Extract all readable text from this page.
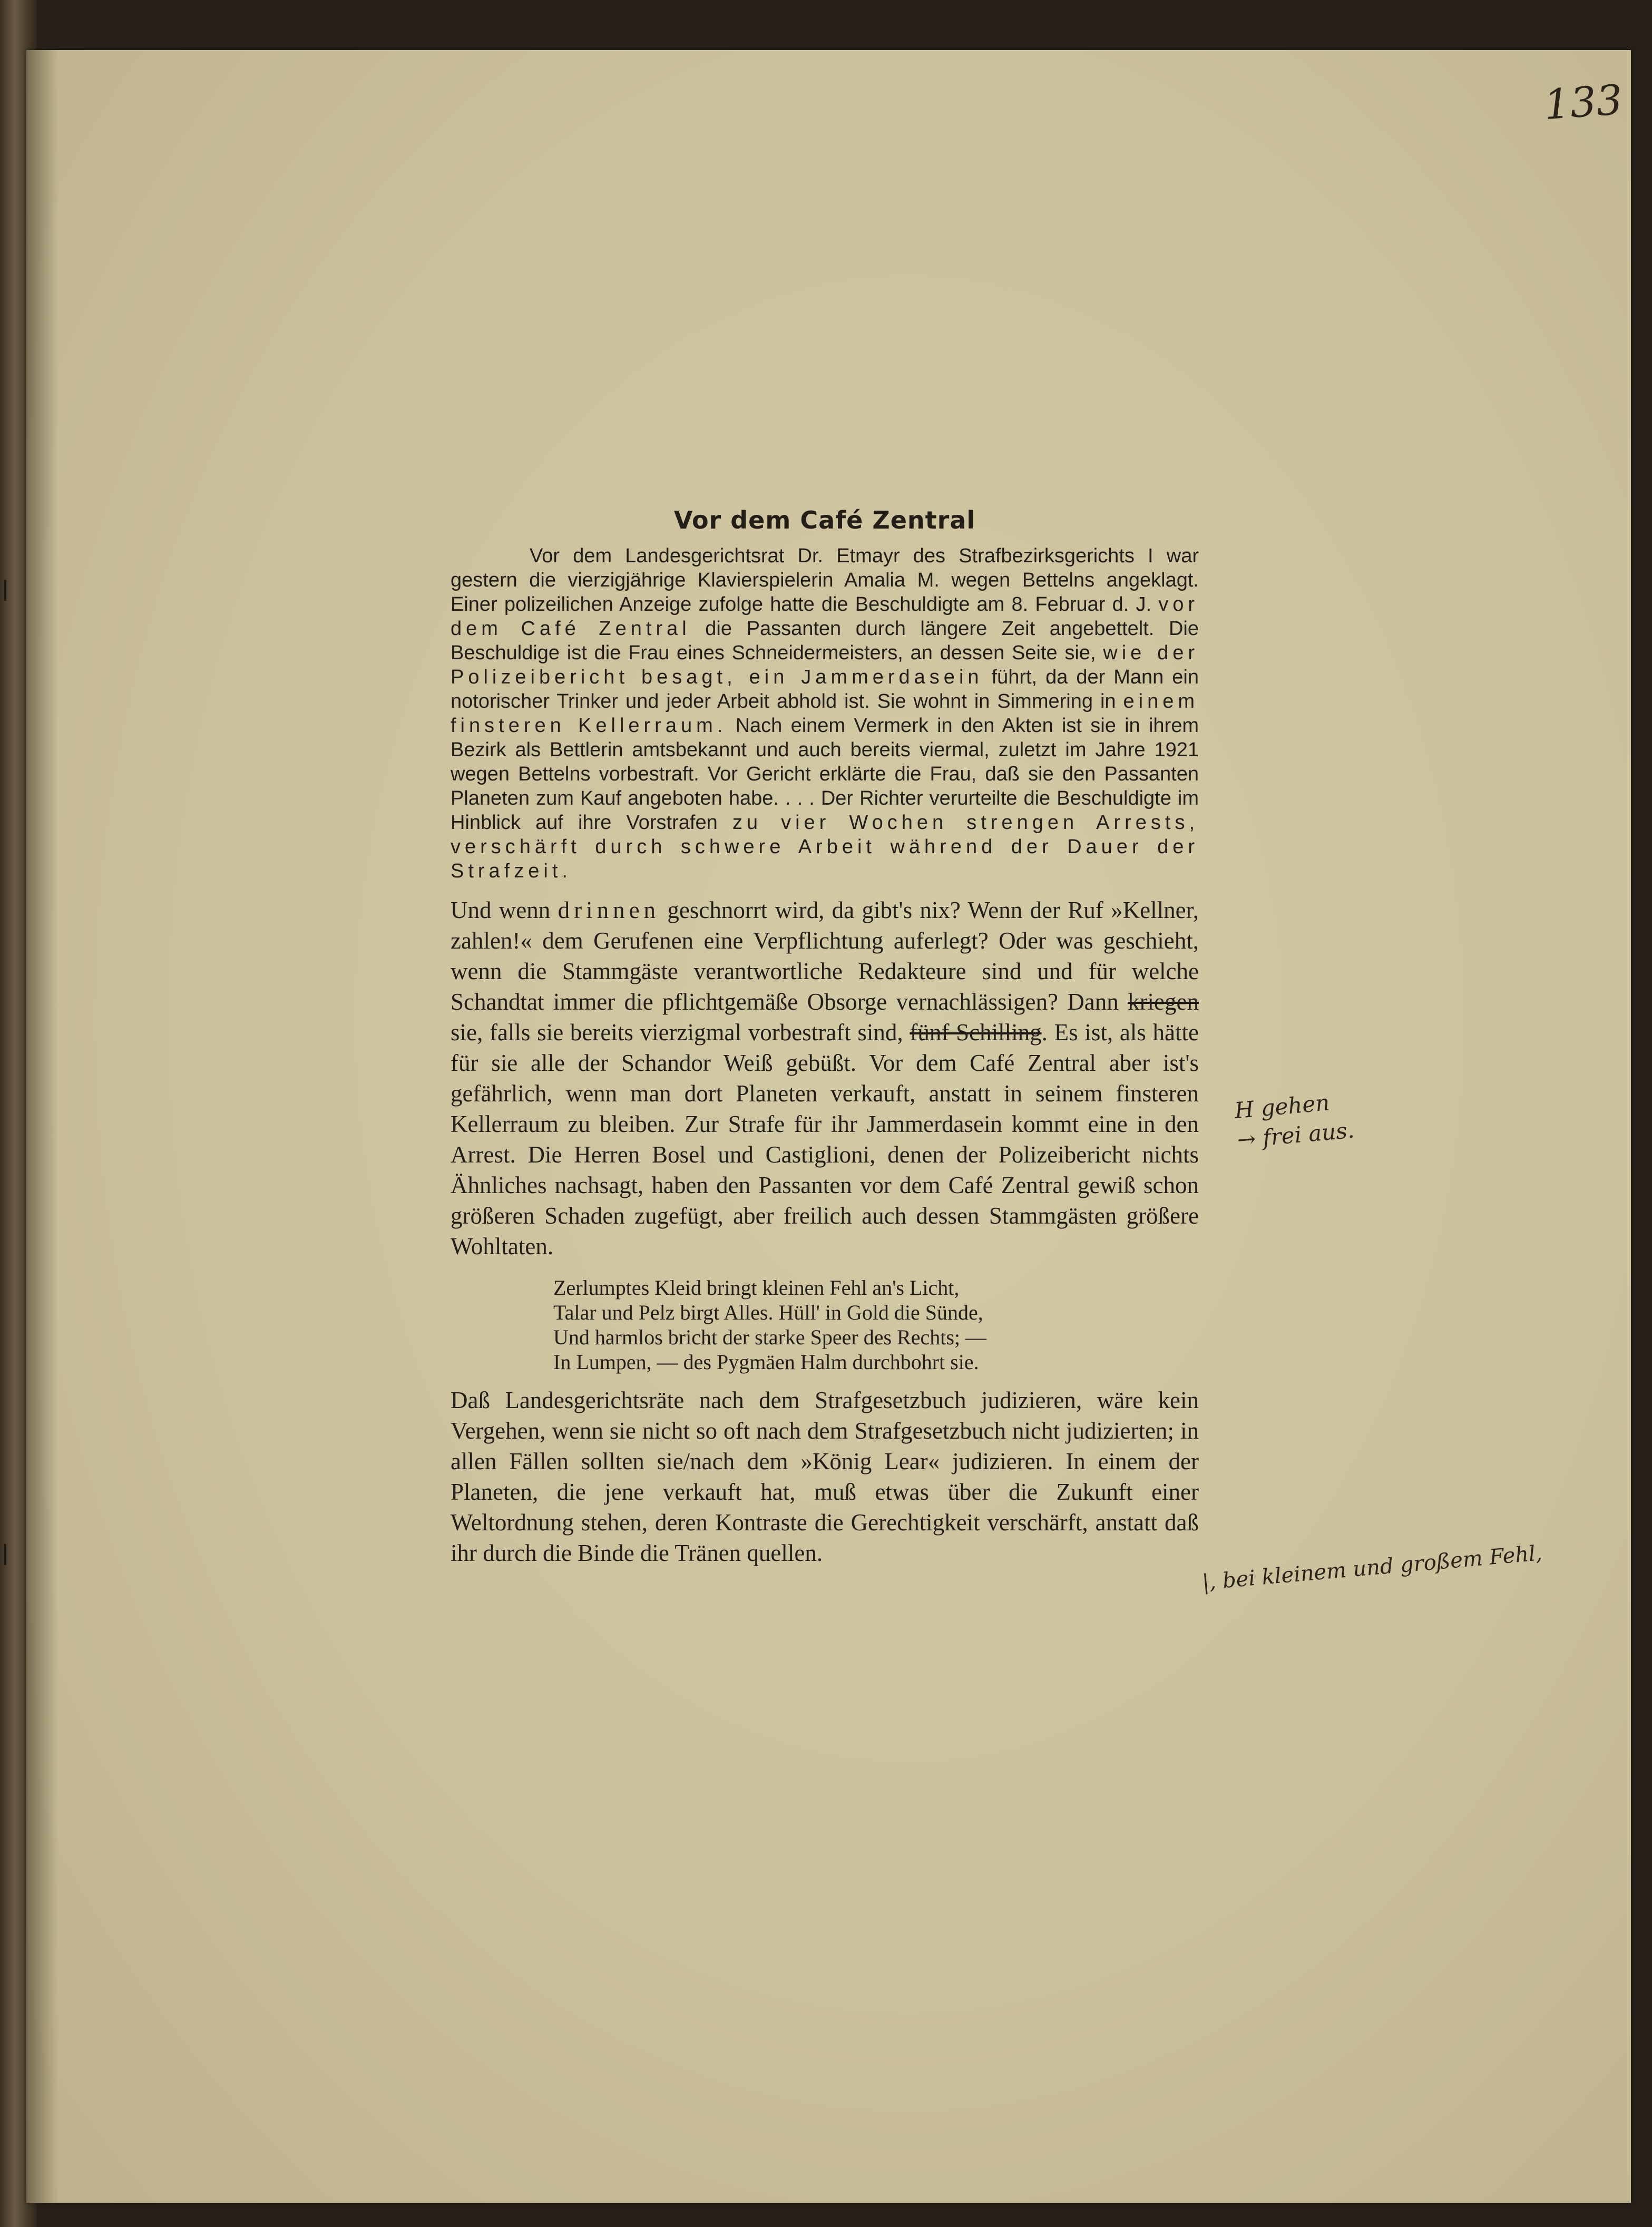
133
Vor dem Café Zentral

Vor dem Landesgerichtsrat Dr. Etmayr des Strafbezirksgerichts I war gestern die vierzigjährige Klavierspielerin Amalia M. wegen Bettelns angeklagt. Einer polizeilichen Anzeige zufolge hatte die Beschuldigte am 8. Februar d. J. vor dem Café Zentral die Passanten durch längere Zeit angebettelt. Die Beschuldige ist die Frau eines Schneidermeisters, an dessen Seite sie, wie der Polizeibericht besagt, ein Jammerdasein führt, da der Mann ein notorischer Trinker und jeder Arbeit abhold ist. Sie wohnt in Simmering in einem finsteren Kellerraum. Nach einem Vermerk in den Akten ist sie in ihrem Bezirk als Bettlerin amtsbekannt und auch bereits viermal, zuletzt im Jahre 1921 wegen Bettelns vorbestraft. Vor Gericht erklärte die Frau, daß sie den Passanten Planeten zum Kauf angeboten habe. . . . Der Richter verurteilte die Beschuldigte im Hinblick auf ihre Vorstrafen zu vier Wochen strengen Arrests, verschärft durch schwere Arbeit während der Dauer der Strafzeit.

Und wenn drinnen geschnorrt wird, da gibt's nix? Wenn der Ruf »Kellner, zahlen!« dem Gerufenen eine Verpflichtung auferlegt? Oder was geschieht, wenn die Stammgäste verantwortliche Redakteure sind und für welche Schandtat immer die pflichtgemäße Obsorge vernachlässigen? Dann kriegen sie, falls sie bereits vierzigmal vorbestraft sind, fünf Schilling. Es ist, als hätte für sie alle der Schandor Weiß gebüßt. Vor dem Café Zentral aber ist's gefährlich, wenn man dort Planeten verkauft, anstatt in seinem finsteren Kellerraum zu bleiben. Zur Strafe für ihr Jammerdasein kommt eine in den Arrest. Die Herren Bosel und Castiglioni, denen der Polizeibericht nichts Ähnliches nachsagt, haben den Passanten vor dem Café Zentral gewiß schon größeren Schaden zugefügt, aber freilich auch dessen Stammgästen größere Wohltaten.

Zerlumptes Kleid bringt kleinen Fehl an's Licht,
Talar und Pelz birgt Alles. Hüll' in Gold die Sünde,
Und harmlos bricht der starke Speer des Rechts; —
In Lumpen, — des Pygmäen Halm durchbohrt sie.

Daß Landesgerichtsräte nach dem Strafgesetzbuch judizieren, wäre kein Vergehen, wenn sie nicht so oft nach dem Strafgesetzbuch nicht judizierten; in allen Fällen sollten sie/nach dem »König Lear« judizieren. In einem der Planeten, die jene verkauft hat, muß etwas über die Zukunft einer Weltordnung stehen, deren Kontraste die Gerechtigkeit verschärft, anstatt daß ihr durch die Binde die Tränen quellen.

H gehen
→ frei aus.
|, bei kleinem und großem Fehl,
